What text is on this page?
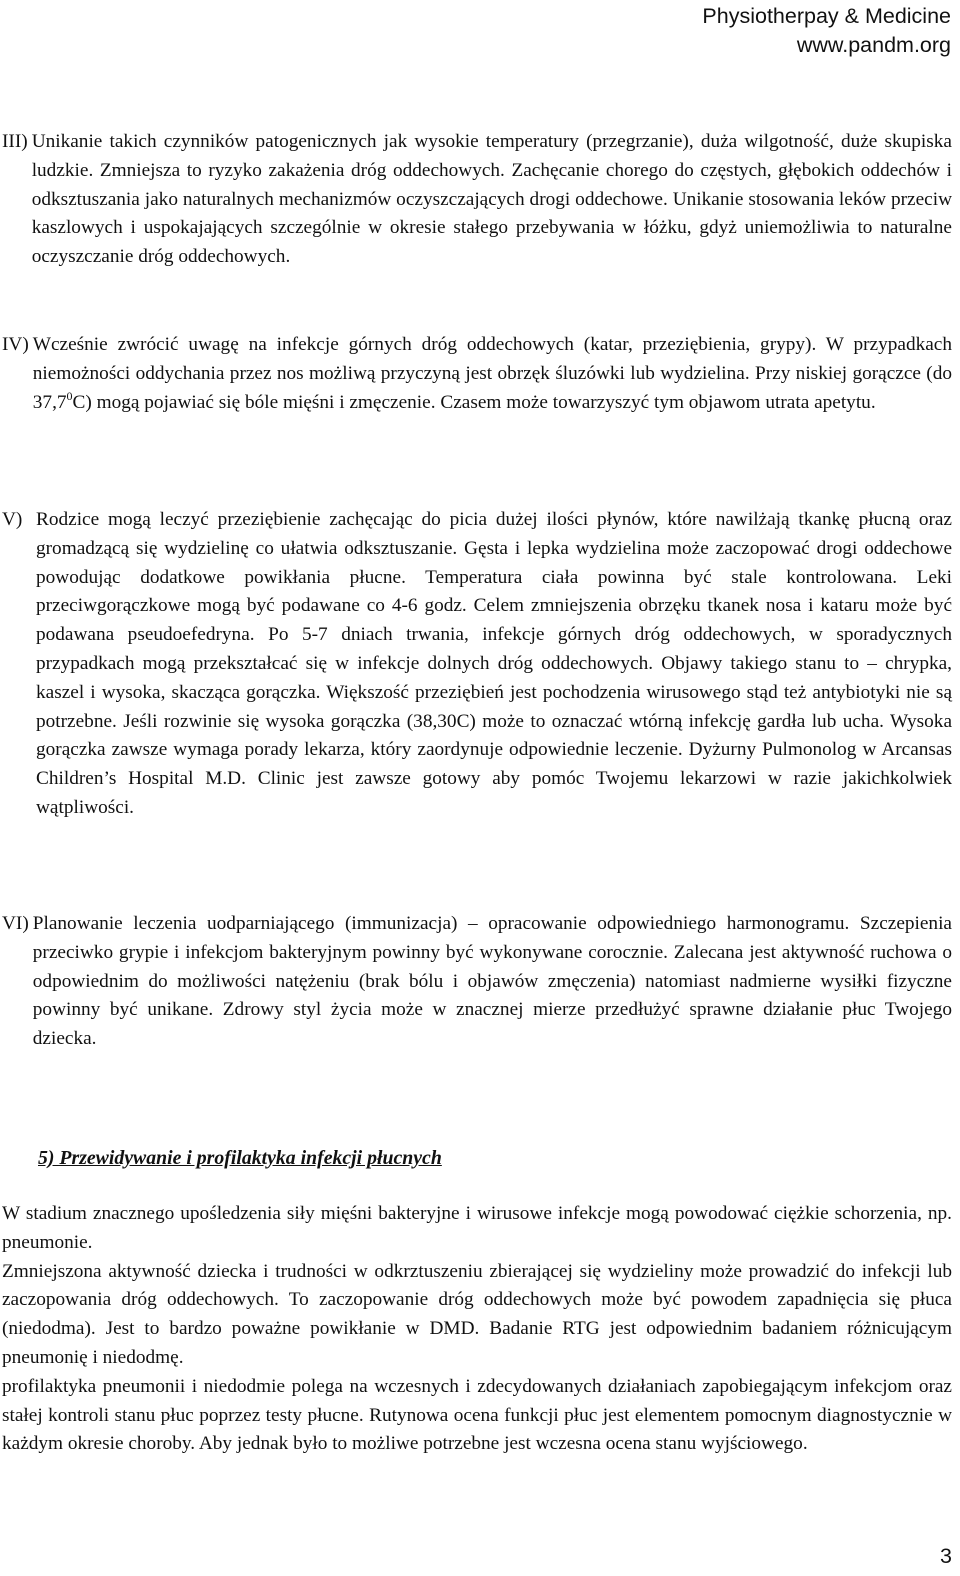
Physiotherpay & Medicine
www.pandm.org
III) Unikanie takich czynników patogenicznych jak wysokie temperatury (przegrzanie), duża wilgotność, duże skupiska ludzkie. Zmniejsza to ryzyko zakażenia dróg oddechowych. Zachęcanie chorego do częstych, głębokich oddechów i odksztuszania jako naturalnych mechanizmów oczyszczających drogi oddechowe. Unikanie stosowania leków przeciw kaszlowych i uspokajających szczególnie w okresie stałego przebywania w łóżku, gdyż uniemożliwia to naturalne oczyszczanie dróg oddechowych.
IV) Wcześnie zwrócić uwagę na infekcje górnych dróg oddechowych (katar, przeziębienia, grypy). W przypadkach niemożności oddychania przez nos możliwą przyczyną jest obrzęk śluzówki lub wydzielina. Przy niskiej gorączce (do 37,7$^0$C) mogą pojawiać się bóle mięśni i zmęczenie. Czasem może towarzyszyć tym objawom utrata apetytu.
V) Rodzice mogą leczyć przeziębienie zachęcając do picia dużej ilości płynów, które nawilżają tkankę płucną oraz gromadzącą się wydzielinę co ułatwia odksztuszanie. Gęsta i lepka wydzielina może zaczopować drogi oddechowe powodując dodatkowe powikłania płucne. Temperatura ciała powinna być stale kontrolowana. Leki przeciwgorączkowe mogą być podawane co 4-6 godz. Celem zmniejszenia obrzęku tkanek nosa i kataru może być podawana pseudoefedryna. Po 5-7 dniach trwania, infekcje górnych dróg oddechowych, w sporadycznych przypadkach mogą przekształcać się w infekcje dolnych dróg oddechowych. Objawy takiego stanu to – chrypka, kaszel i wysoka, skacząca gorączka. Większość przeziębień jest pochodzenia wirusowego stąd też antybiotyki nie są potrzebne. Jeśli rozwinie się wysoka gorączka (38,30C) może to oznaczać wtórną infekcję gardła lub ucha. Wysoka gorączka zawsze wymaga porady lekarza, który zaordynuje odpowiednie leczenie. Dyżurny Pulmonolog w Arcansas Children’s Hospital M.D. Clinic jest zawsze gotowy aby pomóc Twojemu lekarzowi w razie jakichkolwiek wątpliwości.
VI) Planowanie leczenia uodparniającego (immunizacja) – opracowanie odpowiedniego harmonogramu. Szczepienia przeciwko grypie i infekcjom bakteryjnym powinny być wykonywane corocznie. Zalecana jest aktywność ruchowa o odpowiednim do możliwości natężeniu (brak bólu i objawów zmęczenia) natomiast nadmierne wysiłki fizyczne powinny być unikane. Zdrowy styl życia może w znacznej mierze przedłużyć sprawne działanie płuc Twojego dziecka.
5) Przewidywanie i profilaktyka infekcji płucnych

W stadium znacznego upośledzenia siły mięśni bakteryjne i wirusowe infekcje mogą powodować ciężkie schorzenia, np. pneumonie.

Zmniejszona aktywność dziecka i trudności w odkrztuszeniu zbierającej się wydzieliny może prowadzić do infekcji lub zaczopowania dróg oddechowych. To zaczopowanie dróg oddechowych może być powodem zapadnięcia się płuca (niedodma). Jest to bardzo poważne powikłanie w DMD. Badanie RTG jest odpowiednim badaniem różnicującym pneumonię i niedodmę.

profilaktyka pneumonii i niedodmie polega na wczesnych i zdecydowanych działaniach zapobiegającym infekcjom oraz stałej kontroli stanu płuc poprzez testy płucne. Rutynowa ocena funkcji płuc jest elementem pomocnym diagnostycznie w każdym okresie choroby. Aby jednak było to możliwe potrzebne jest wczesna ocena stanu wyjściowego.

3
